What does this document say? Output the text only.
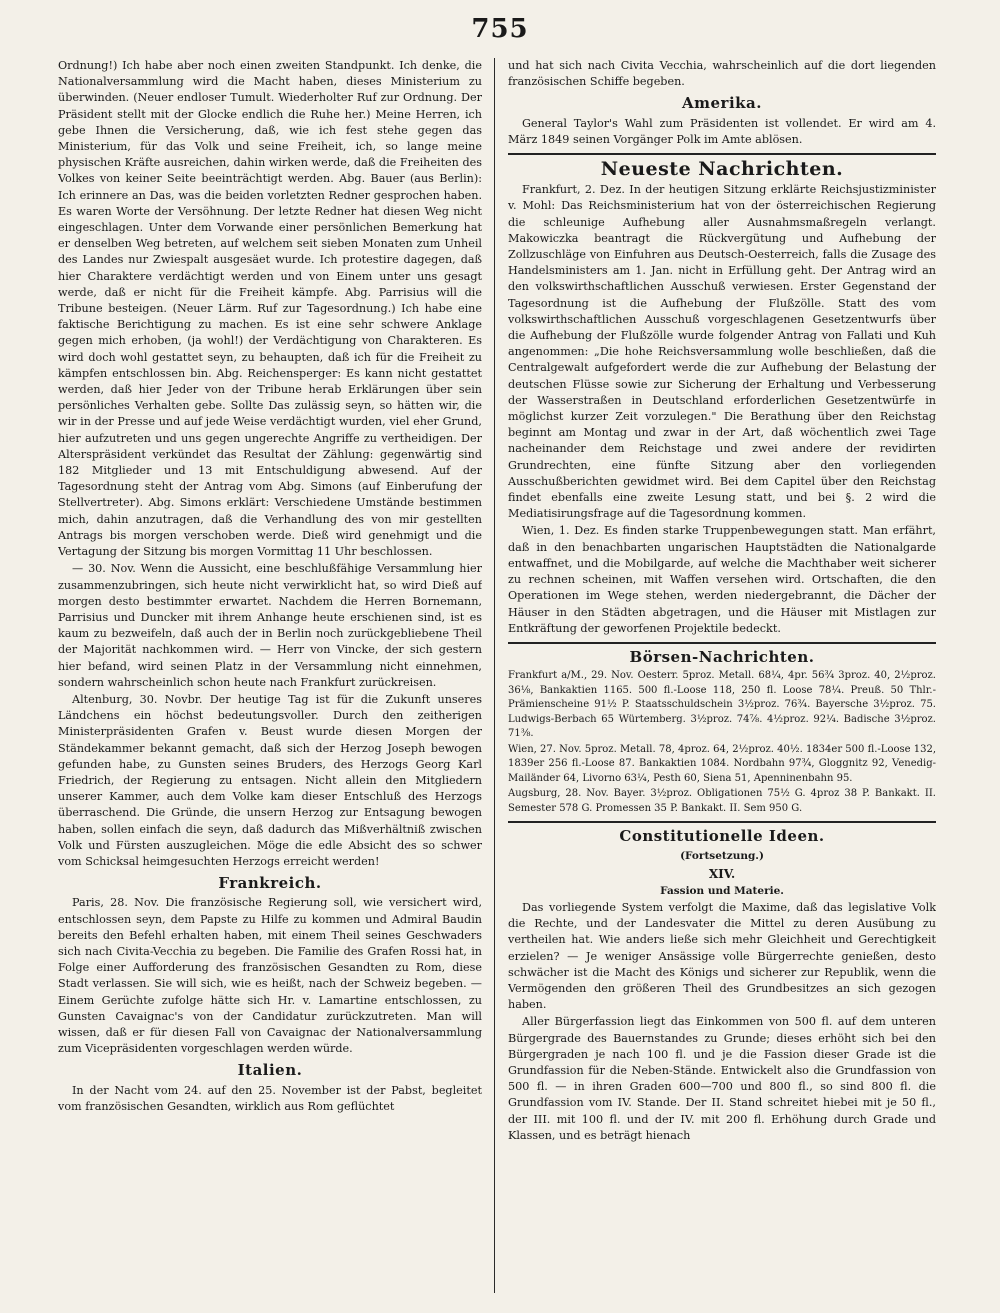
755

Ordnung!) Ich habe aber noch einen zweiten Standpunkt. Ich denke, die Nationalversammlung wird die Macht haben, dieses Ministerium zu überwinden. (Neuer endloser Tumult. Wiederholter Ruf zur Ordnung. Der Präsident stellt mit der Glocke endlich die Ruhe her.) Meine Herren, ich gebe Ihnen die Versicherung, daß, wie ich fest stehe gegen das Ministerium, für das Volk und seine Freiheit, ich, so lange meine physischen Kräfte ausreichen, dahin wirken werde, daß die Freiheiten des Volkes von keiner Seite beeinträchtigt werden. Abg. Bauer (aus Berlin): Ich erinnere an Das, was die beiden vorletzten Redner gesprochen haben. Es waren Worte der Versöhnung. Der letzte Redner hat diesen Weg nicht eingeschlagen. Unter dem Vorwande einer persönlichen Bemerkung hat er denselben Weg betreten, auf welchem seit sieben Monaten zum Unheil des Landes nur Zwiespalt ausgesäet wurde. Ich protestire dagegen, daß hier Charaktere verdächtigt werden und von Einem unter uns gesagt werde, daß er nicht für die Freiheit kämpfe. Abg. Parrisius will die Tribune besteigen. (Neuer Lärm. Ruf zur Tagesordnung.) Ich habe eine faktische Berichtigung zu machen. Es ist eine sehr schwere Anklage gegen mich erhoben, (ja wohl!) der Verdächtigung von Charakteren. Es wird doch wohl gestattet seyn, zu behaupten, daß ich für die Freiheit zu kämpfen entschlossen bin. Abg. Reichensperger: Es kann nicht gestattet werden, daß hier Jeder von der Tribune herab Erklärungen über sein persönliches Verhalten gebe. Sollte Das zulässig seyn, so hätten wir, die wir in der Presse und auf jede Weise verdächtigt wurden, viel eher Grund, hier aufzutreten und uns gegen ungerechte Angriffe zu vertheidigen. Der Alterspräsident verkündet das Resultat der Zählung: gegenwärtig sind 182 Mitglieder und 13 mit Entschuldigung abwesend. Auf der Tagesordnung steht der Antrag vom Abg. Simons (auf Einberufung der Stellvertreter). Abg. Simons erklärt: Verschiedene Umstände bestimmen mich, dahin anzutragen, daß die Verhandlung des von mir gestellten Antrags bis morgen verschoben werde. Dieß wird genehmigt und die Vertagung der Sitzung bis morgen Vormittag 11 Uhr beschlossen.

— 30. Nov. Wenn die Aussicht, eine beschlußfähige Versammlung hier zusammenzubringen, sich heute nicht verwirklicht hat, so wird Dieß auf morgen desto bestimmter erwartet. Nachdem die Herren Bornemann, Parrisius und Duncker mit ihrem Anhange heute erschienen sind, ist es kaum zu bezweifeln, daß auch der in Berlin noch zurückgebliebene Theil der Majorität nachkommen wird. — Herr von Vincke, der sich gestern hier befand, wird seinen Platz in der Versammlung nicht einnehmen, sondern wahrscheinlich schon heute nach Frankfurt zurückreisen.

Altenburg, 30. Novbr. Der heutige Tag ist für die Zukunft unseres Ländchens ein höchst bedeutungsvoller. Durch den zeitherigen Ministerpräsidenten Grafen v. Beust wurde diesen Morgen der Ständekammer bekannt gemacht, daß sich der Herzog Joseph bewogen gefunden habe, zu Gunsten seines Bruders, des Herzogs Georg Karl Friedrich, der Regierung zu entsagen. Nicht allein den Mitgliedern unserer Kammer, auch dem Volke kam dieser Entschluß des Herzogs überraschend. Die Gründe, die unsern Herzog zur Entsagung bewogen haben, sollen einfach die seyn, daß dadurch das Mißverhältniß zwischen Volk und Fürsten auszugleichen. Möge die edle Absicht des so schwer vom Schicksal heimgesuchten Herzogs erreicht werden!

Frankreich.

Paris, 28. Nov. Die französische Regierung soll, wie versichert wird, entschlossen seyn, dem Papste zu Hilfe zu kommen und Admiral Baudin bereits den Befehl erhalten haben, mit einem Theil seines Geschwaders sich nach Civita-Vecchia zu begeben. Die Familie des Grafen Rossi hat, in Folge einer Aufforderung des französischen Gesandten zu Rom, diese Stadt verlassen. Sie will sich, wie es heißt, nach der Schweiz begeben. — Einem Gerüchte zufolge hätte sich Hr. v. Lamartine entschlossen, zu Gunsten Cavaignac's von der Candidatur zurückzutreten. Man will wissen, daß er für diesen Fall von Cavaignac der Nationalversammlung zum Vicepräsidenten vorgeschlagen werden würde.

Italien.

In der Nacht vom 24. auf den 25. November ist der Pabst, begleitet vom französischen Gesandten, wirklich aus Rom geflüchtet

und hat sich nach Civita Vecchia, wahrscheinlich auf die dort liegenden französischen Schiffe begeben.

Amerika.

General Taylor's Wahl zum Präsidenten ist vollendet. Er wird am 4. März 1849 seinen Vorgänger Polk im Amte ablösen.

Neueste Nachrichten.

Frankfurt, 2. Dez. In der heutigen Sitzung erklärte Reichsjustizminister v. Mohl: Das Reichsministerium hat von der österreichischen Regierung die schleunige Aufhebung aller Ausnahmsmaßregeln verlangt. Makowiczka beantragt die Rückvergütung und Aufhebung der Zollzuschläge von Einfuhren aus Deutsch-Oesterreich, falls die Zusage des Handelsministers am 1. Jan. nicht in Erfüllung geht. Der Antrag wird an den volkswirthschaftlichen Ausschuß verwiesen. Erster Gegenstand der Tagesordnung ist die Aufhebung der Flußzölle. Statt des vom volkswirthschaftlichen Ausschuß vorgeschlagenen Gesetzentwurfs über die Aufhebung der Flußzölle wurde folgender Antrag von Fallati und Kuh angenommen: „Die hohe Reichsversammlung wolle beschließen, daß die Centralgewalt aufgefordert werde die zur Aufhebung der Belastung der deutschen Flüsse sowie zur Sicherung der Erhaltung und Verbesserung der Wasserstraßen in Deutschland erforderlichen Gesetzentwürfe in möglichst kurzer Zeit vorzulegen." Die Berathung über den Reichstag beginnt am Montag und zwar in der Art, daß wöchentlich zwei Tage nacheinander dem Reichstage und zwei andere der revidirten Grundrechten, eine fünfte Sitzung aber den vorliegenden Ausschußberichten gewidmet wird. Bei dem Capitel über den Reichstag findet ebenfalls eine zweite Lesung statt, und bei §. 2 wird die Mediatisirungsfrage auf die Tagesordnung kommen.

Wien, 1. Dez. Es finden starke Truppenbewegungen statt. Man erfährt, daß in den benachbarten ungarischen Hauptstädten die Nationalgarde entwaffnet, und die Mobilgarde, auf welche die Machthaber weit sicherer zu rechnen scheinen, mit Waffen versehen wird. Ortschaften, die den Operationen im Wege stehen, werden niedergebrannt, die Dächer der Häuser in den Städten abgetragen, und die Häuser mit Mistlagen zur Entkräftung der geworfenen Projektile bedeckt.

Börsen-Nachrichten.

Frankfurt a/M., 29. Nov. Oesterr. 5proz. Metall. 68¼, 4pr. 56¾ 3proz. 40, 2½proz. 36⅛, Bankaktien 1165. 500 fl.-Loose 118, 250 fl. Loose 78¼. Preuß. 50 Thlr.-Prämienscheine 91½ P. Staatsschuldschein 3½proz. 76¾. Bayersche 3½proz. 75. Ludwigs-Berbach 65 Würtemberg. 3½proz. 74⅞. 4½proz. 92¼. Badische 3½proz. 71⅜.

Wien, 27. Nov. 5proz. Metall. 78, 4proz. 64, 2½proz. 40½. 1834er 500 fl.-Loose 132, 1839er 256 fl.-Loose 87. Bankaktien 1084. Nordbahn 97¾, Gloggnitz 92, Venedig-Mailänder 64, Livorno 63¼, Pesth 60, Siena 51, Apenninenbahn 95.

Augsburg, 28. Nov. Bayer. 3½proz. Obligationen 75½ G. 4proz 38 P. Bankakt. II. Semester 578 G. Promessen 35 P. Bankakt. II. Sem 950 G.

Constitutionelle Ideen.
(Fortsetzung.)
XIV.
Fassion und Materie.

Das vorliegende System verfolgt die Maxime, daß das legislative Volk die Rechte, und der Landesvater die Mittel zu deren Ausübung zu vertheilen hat. Wie anders ließe sich mehr Gleichheit und Gerechtigkeit erzielen? — Je weniger Ansässige volle Bürgerrechte genießen, desto schwächer ist die Macht des Königs und sicherer zur Republik, wenn die Vermögenden den größeren Theil des Grundbesitzes an sich gezogen haben.

Aller Bürgerfassion liegt das Einkommen von 500 fl. auf dem unteren Bürgergrade des Bauernstandes zu Grunde; dieses erhöht sich bei den Bürgergraden je nach 100 fl. und je die Fassion dieser Grade ist die Grundfassion für die Neben-Stände. Entwickelt also die Grundfassion von 500 fl. — in ihren Graden 600—700 und 800 fl., so sind 800 fl. die Grundfassion vom IV. Stande. Der II. Stand schreitet hiebei mit je 50 fl., der III. mit 100 fl. und der IV. mit 200 fl. Erhöhung durch Grade und Klassen, und es beträgt hienach
